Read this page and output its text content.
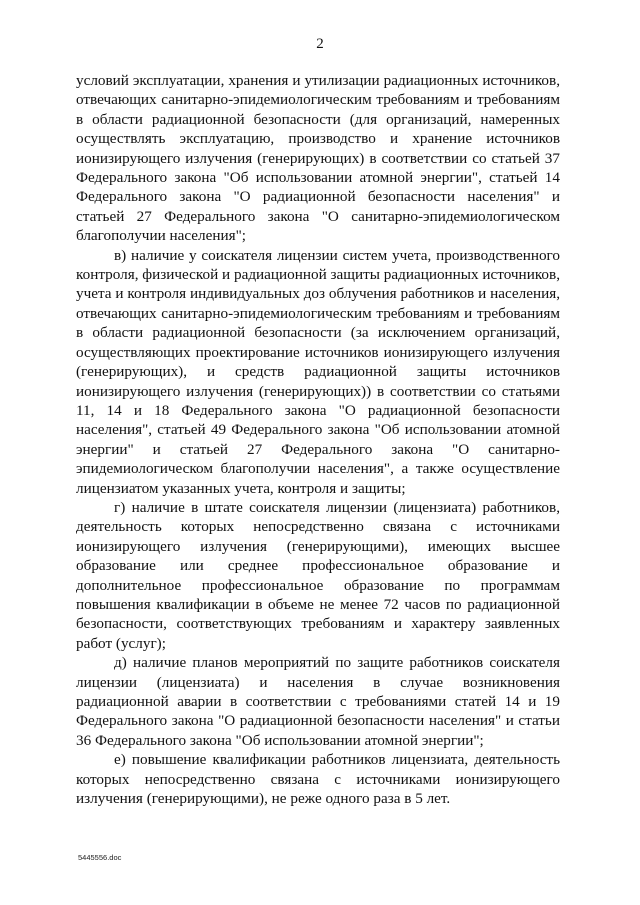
2

условий эксплуатации, хранения и утилизации радиационных источников, отвечающих санитарно-эпидемиологическим требованиям и требованиям в области радиационной безопасности (для организаций, намеренных осуществлять эксплуатацию, производство и хранение источников ионизирующего излучения (генерирующих) в соответствии со статьей 37 Федерального закона "Об использовании атомной энергии", статьей 14 Федерального закона "О радиационной безопасности населения" и статьей 27 Федерального закона "О санитарно-эпидемиологическом благополучии населения";

в) наличие у соискателя лицензии систем учета, производственного контроля, физической и радиационной защиты радиационных источников, учета и контроля индивидуальных доз облучения работников и населения, отвечающих санитарно-эпидемиологическим требованиям и требованиям в области радиационной безопасности (за исключением организаций, осуществляющих проектирование источников ионизирующего излучения (генерирующих), и средств радиационной защиты источников ионизирующего излучения (генерирующих)) в соответствии со статьями 11, 14 и 18 Федерального закона "О радиационной безопасности населения", статьей 49 Федерального закона "Об использовании атомной энергии" и статьей 27 Федерального закона "О санитарно-эпидемиологическом благополучии населения", а также осуществление лицензиатом указанных учета, контроля и защиты;

г) наличие в штате соискателя лицензии (лицензиата) работников, деятельность которых непосредственно связана с источниками ионизирующего излучения (генерирующими), имеющих высшее образование или среднее профессиональное образование и дополнительное профессиональное образование по программам повышения квалификации в объеме не менее 72 часов по радиационной безопасности, соответствующих требованиям и характеру заявленных работ (услуг);

д) наличие планов мероприятий по защите работников соискателя лицензии (лицензиата) и населения в случае возникновения радиационной аварии в соответствии с требованиями статей 14 и 19 Федерального закона "О радиационной безопасности населения" и статьи 36 Федерального закона "Об использовании атомной энергии";

е) повышение квалификации работников лицензиата, деятельность которых непосредственно связана с источниками ионизирующего излучения (генерирующими), не реже одного раза в 5 лет.

5445556.doc
